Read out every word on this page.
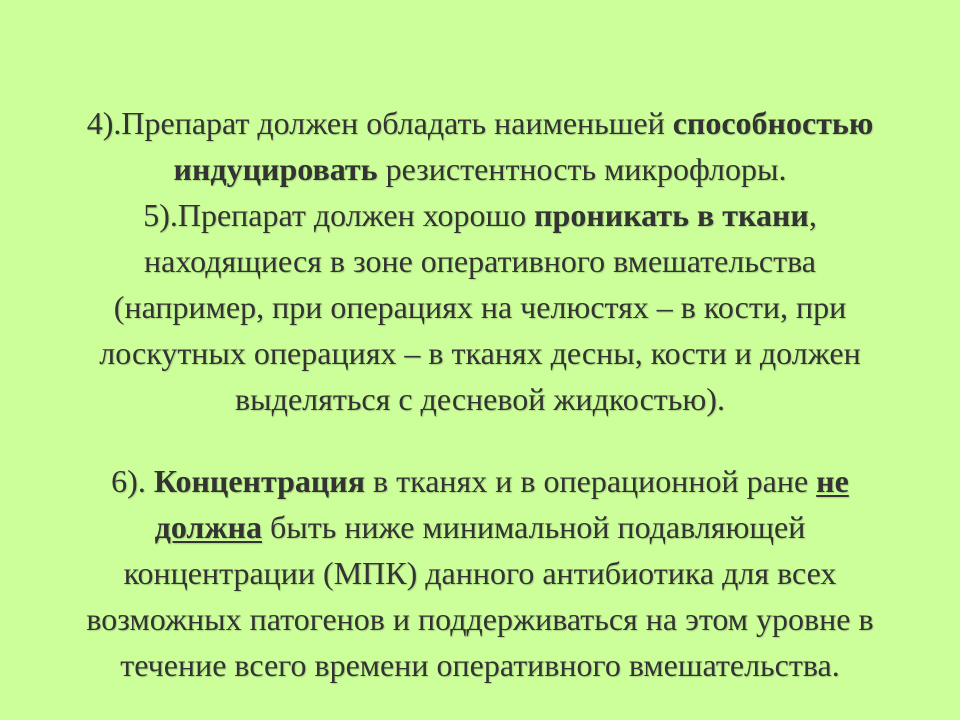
4).Препарат должен обладать наименьшей способностью
индуцировать резистентность микрофлоры.
5).Препарат должен хорошо проникать в ткани,
находящиеся в зоне оперативного вмешательства
(например, при операциях на челюстях – в кости, при
лоскутных операциях – в тканях десны, кости и должен
выделяться с десневой жидкостью).
6). Концентрация в тканях и в операционной ране не
должна быть ниже минимальной подавляющей
концентрации (МПК) данного антибиотика для всех
возможных патогенов и поддерживаться на этом уровне в
течение всего времени оперативного вмешательства.
